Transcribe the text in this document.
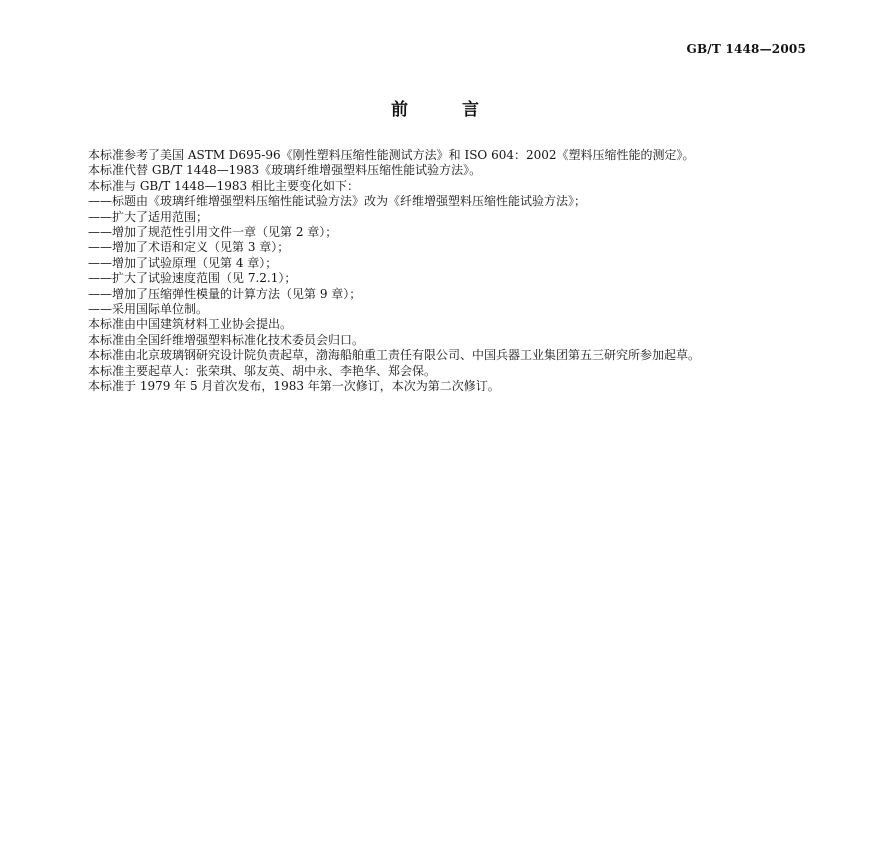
GB/T 1448—2005
前	言

本标准参考了美国 ASTM D695-96《刚性塑料压缩性能测试方法》和 ISO 604：2002《塑料压缩性能的测定》。

本标准代替 GB/T 1448—1983《玻璃纤维增强塑料压缩性能试验方法》。

本标准与 GB/T 1448—1983 相比主要变化如下：

——标题由《玻璃纤维增强塑料压缩性能试验方法》改为《纤维增强塑料压缩性能试验方法》；

——扩大了适用范围；

——增加了规范性引用文件一章（见第 2 章）；

——增加了术语和定义（见第 3 章）；

——增加了试验原理（见第 4 章）；

——扩大了试验速度范围（见 7.2.1）；

——增加了压缩弹性模量的计算方法（见第 9 章）；

——采用国际单位制。

本标准由中国建筑材料工业协会提出。

本标准由全国纤维增强塑料标准化技术委员会归口。

本标准由北京玻璃钢研究设计院负责起草，渤海船舶重工责任有限公司、中国兵器工业集团第五三研究所参加起草。

本标准主要起草人：张荣琪、邬友英、胡中永、李艳华、郑会保。

本标准于 1979 年 5 月首次发布，1983 年第一次修订，本次为第二次修订。
